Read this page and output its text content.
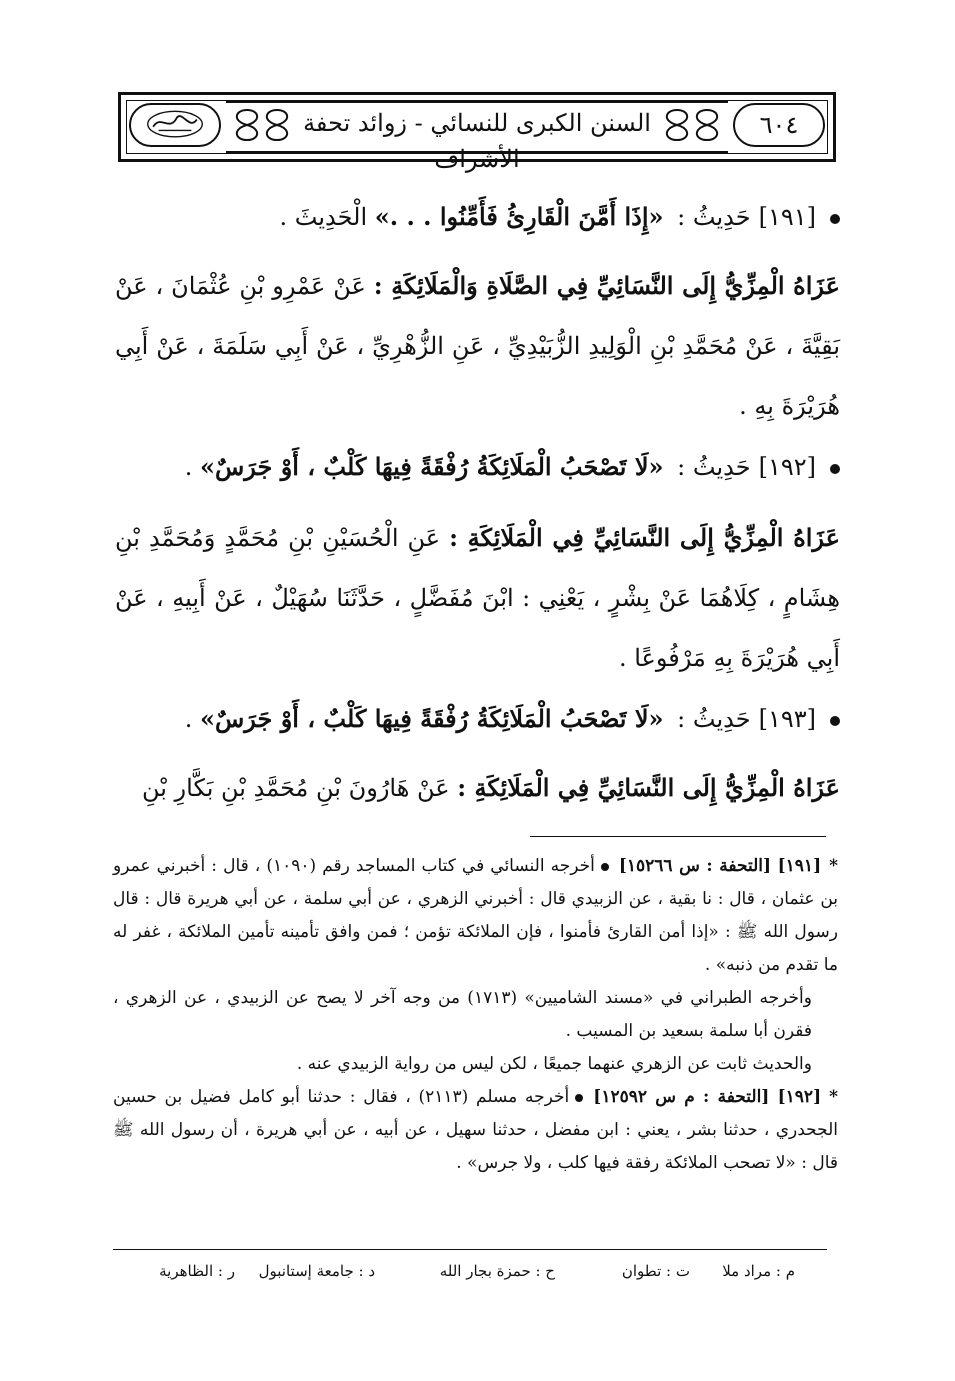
السنن الكبرى للنسائي - زوائد تحفة الأشراف
٦٠٤
[١٩١]حَدِيثُ : «إِذَا أَمَّنَ الْقَارِئُ فَأَمِّنُوا . . .» الْحَدِيثَ .
عَزَاهُ الْمِزِّيُّ إِلَى النَّسَائِيِّ فِي الصَّلَاةِ وَالْمَلَائِكَةِ : عَنْ عَمْرِو بْنِ عُثْمَانَ ، عَنْ بَقِيَّةَ ، عَنْ مُحَمَّدِ بْنِ الْوَلِيدِ الزُّبَيْدِيِّ ، عَنِ الزُّهْرِيِّ ، عَنْ أَبِي سَلَمَةَ ، عَنْ أَبِي هُرَيْرَةَ بِهِ .
[١٩٢]حَدِيثُ : «لَا تَصْحَبُ الْمَلَائِكَةُ رُفْقَةً فِيهَا كَلْبٌ ، أَوْ جَرَسٌ» .
عَزَاهُ الْمِزِّيُّ إِلَى النَّسَائِيِّ فِي الْمَلَائِكَةِ : عَنِ الْحُسَيْنِ بْنِ مُحَمَّدٍ وَمُحَمَّدِ بْنِ هِشَامٍ ، كِلَاهُمَا عَنْ بِشْرٍ ، يَعْنِي : ابْنَ مُفَضَّلٍ ، حَدَّثَنَا سُهَيْلٌ ، عَنْ أَبِيهِ ، عَنْ أَبِي هُرَيْرَةَ بِهِ مَرْفُوعًا .
[١٩٣]حَدِيثُ : «لَا تَصْحَبُ الْمَلَائِكَةُ رُفْقَةً فِيهَا كَلْبٌ ، أَوْ جَرَسٌ» .
عَزَاهُ الْمِزِّيُّ إِلَى النَّسَائِيِّ فِي الْمَلَائِكَةِ : عَنْ هَارُونَ بْنِ مُحَمَّدِ بْنِ بَكَّارِ بْنِ

*[١٩١] [التحفة : س ١٥٢٦٦]أخرجه النسائي في كتاب المساجد رقم (١٠٩٠) ، قال : أخبرني عمرو بن عثمان ، قال : نا بقية ، عن الزبيدي قال : أخبرني الزهري ، عن أبي سلمة ، عن أبي هريرة قال : قال رسول الله ﷺ : «إذا أمن القارئ فأمنوا ، فإن الملائكة تؤمن ؛ فمن وافق تأمينه تأمين الملائكة ، غفر له ما تقدم من ذنبه» .

وأخرجه الطبراني في «مسند الشاميين» (١٧١٣) من وجه آخر لا يصح عن الزبيدي ، عن الزهري ، فقرن أبا سلمة بسعيد بن المسيب .

والحديث ثابت عن الزهري عنهما جميعًا ، لكن ليس من رواية الزبيدي عنه .

*[١٩٢] [التحفة : م س ١٢٥٩٢]أخرجه مسلم (٢١١٣) ، فقال : حدثنا أبو كامل فضيل بن حسين الجحدري ، حدثنا بشر ، يعني : ابن مفضل ، حدثنا سهيل ، عن أبيه ، عن أبي هريرة ، أن رسول الله ﷺ قال : «لا تصحب الملائكة رفقة فيها كلب ، ولا جرس» .

م : مراد ملا
ت : تطوان
ح : حمزة بجار الله
د : جامعة إستانبول
ر : الظاهرية
